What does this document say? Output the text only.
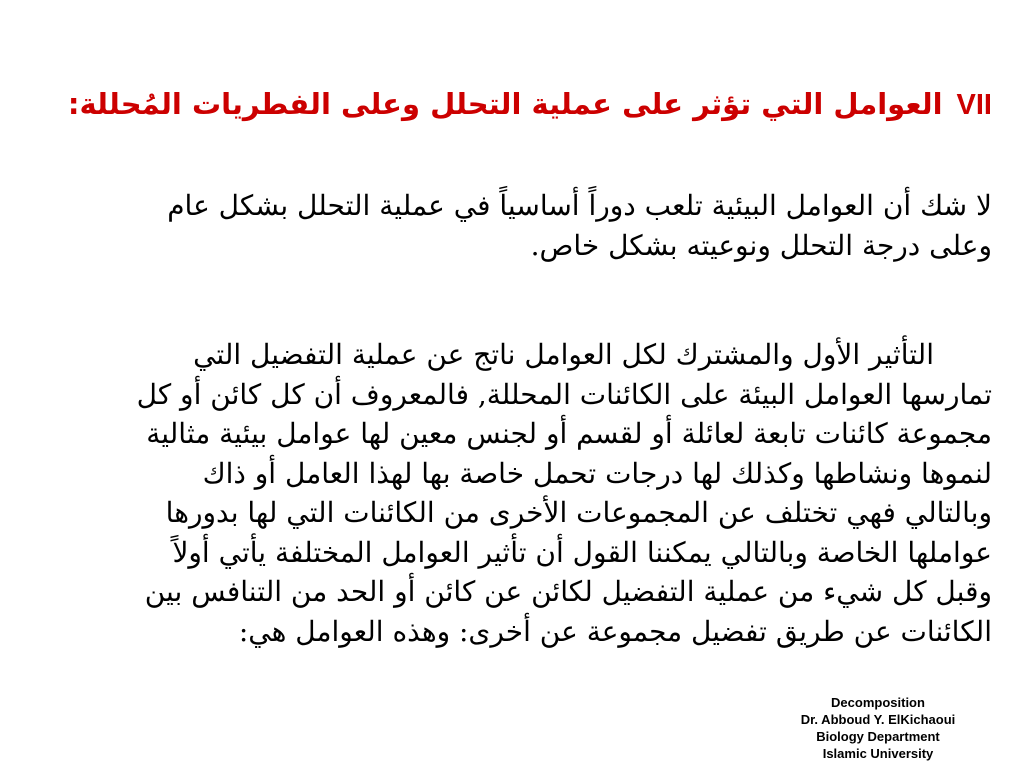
VIIالعوامل التي تؤثر على عملية التحلل وعلى الفطريات المُحللة:
لا شك أن العوامل البيئية تلعب دوراً أساسياً في عملية التحلل بشكل عام
وعلى درجة التحلل ونوعيته بشكل خاص.
التأثير الأول والمشترك لكل العوامل ناتج عن عملية التفضيل التي
تمارسها العوامل البيئة على الكائنات المحللة, فالمعروف أن كل كائن أو كل
مجموعة كائنات تابعة لعائلة أو لقسم أو لجنس معين لها عوامل بيئية مثالية
لنموها ونشاطها وكذلك لها درجات تحمل خاصة بها لهذا العامل أو ذاك
وبالتالي فهي تختلف عن المجموعات الأخرى من الكائنات التي لها بدورها
عواملها الخاصة وبالتالي يمكننا القول أن تأثير العوامل المختلفة يأتي أولاً
وقبل كل شيء من عملية التفضيل لكائن عن كائن أو الحد من التنافس بين
الكائنات عن طريق تفضيل مجموعة عن أخرى: وهذه العوامل هي:
Decomposition
Dr. Abboud Y. ElKichaoui
Biology Department
Islamic University
